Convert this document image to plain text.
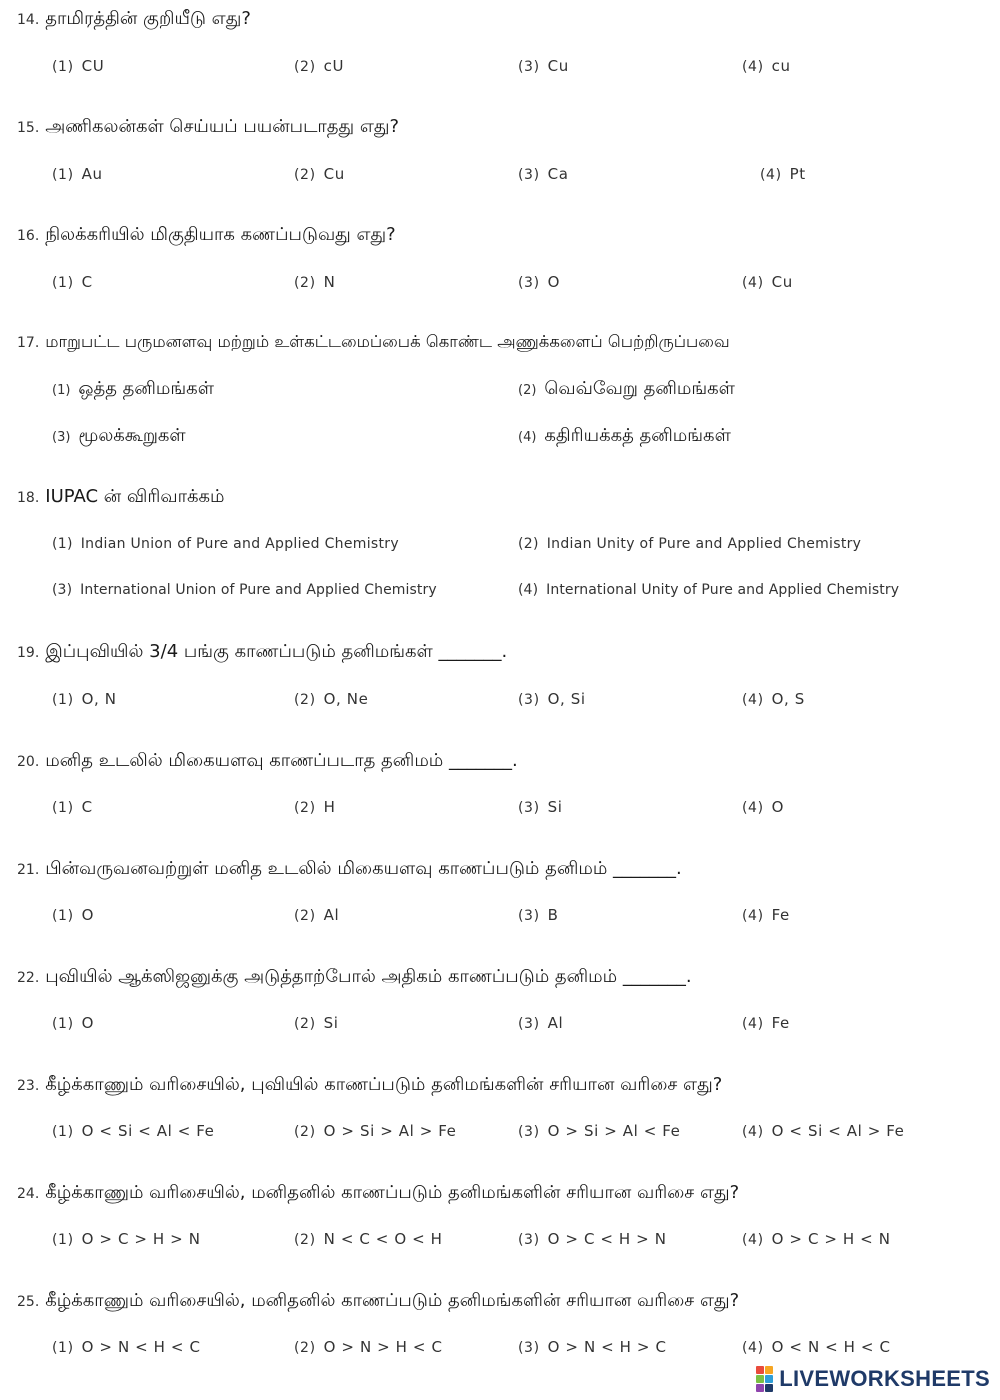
14. தாமிரத்தின் குறியீடு எது?
(1) CU	(2) cU	(3) Cu	(4) cu
15. அணிகலன்கள் செய்யப் பயன்படாதது எது?
(1) Au	(2) Cu	(3) Ca	(4) Pt
16. நிலக்கரியில் மிகுதியாக கணப்படுவது எது?
(1) C	(2) N	(3) O	(4) Cu
17. மாறுபட்ட பருமனளவு மற்றும் உள்கட்டமைப்பைக் கொண்ட அணுக்களைப் பெற்றிருப்பவை
(1) ஒத்த தனிமங்கள்	(2) வெவ்வேறு தனிமங்கள்
(3) மூலக்கூறுகள்	(4) கதிரியக்கத் தனிமங்கள்
18. IUPAC ன் விரிவாக்கம்
(1) Indian Union of Pure and Applied Chemistry	(2) Indian Unity of Pure and Applied Chemistry
(3) International Union of Pure and Applied Chemistry	(4) International Unity of Pure and Applied Chemistry
19. இப்புவியில் 3/4 பங்கு காணப்படும் தனிமங்கள் _______.
(1) O, N	(2) O, Ne	(3) O, Si	(4) O, S
20. மனித உடலில் மிகையளவு காணப்படாத தனிமம் _______.
(1) C	(2) H	(3) Si	(4) O
21. பின்வருவனவற்றுள் மனித உடலில் மிகையளவு காணப்படும் தனிமம் _______.
(1) O	(2) Al	(3) B	(4) Fe
22. புவியில் ஆக்ஸிஜனுக்கு அடுத்தாற்போல் அதிகம் காணப்படும் தனிமம் _______.
(1) O	(2) Si	(3) Al	(4) Fe
23. கீழ்க்காணும் வரிசையில், புவியில் காணப்படும் தனிமங்களின் சரியான வரிசை எது?
(1) O < Si < Al < Fe	(2) O > Si > Al > Fe	(3) O > Si > Al < Fe	(4) O < Si < Al > Fe
24. கீழ்க்காணும் வரிசையில், மனிதனில் காணப்படும் தனிமங்களின் சரியான வரிசை எது?
(1) O > C > H > N	(2) N < C < O < H	(3) O > C < H > N	(4) O > C > H < N
25. கீழ்க்காணும் வரிசையில், மனிதனில் காணப்படும் தனிமங்களின் சரியான வரிசை எது?
(1) O > N < H < C	(2) O > N > H < C	(3) O > N < H > C	(4) O < N < H < C
LIVEWORKSHEETS
